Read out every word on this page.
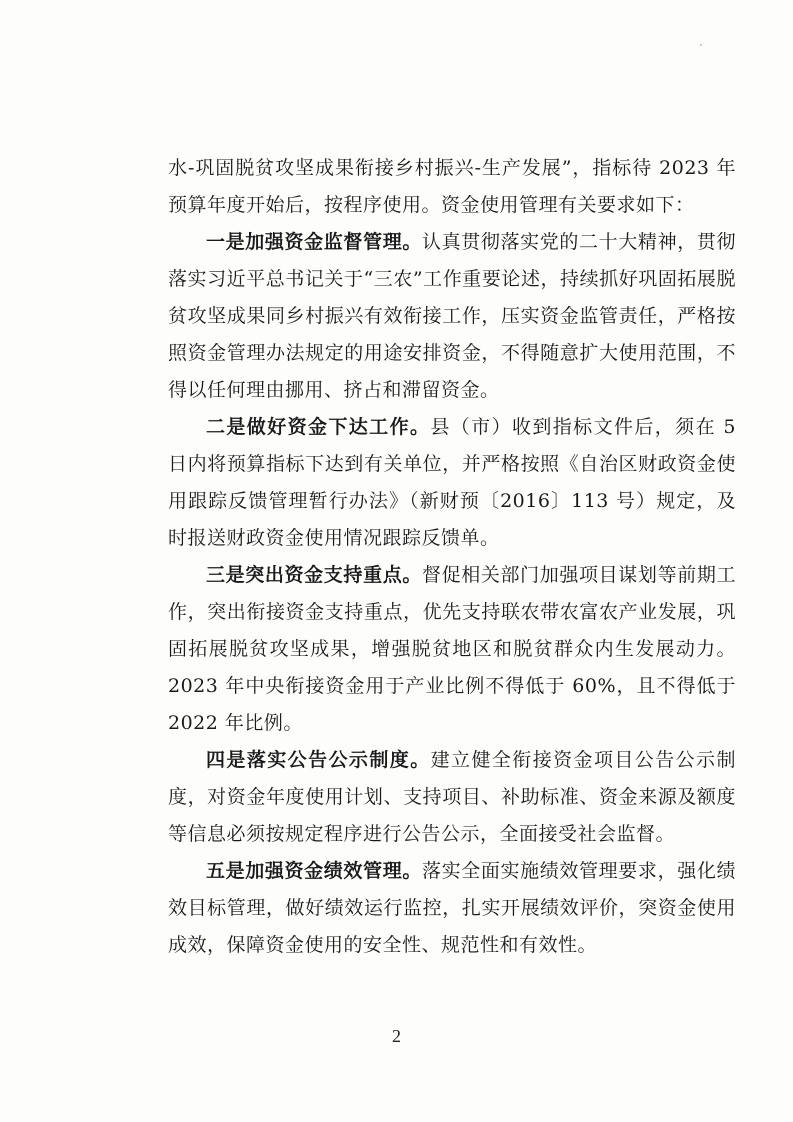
水-巩固脱贫攻坚成果衔接乡村振兴-生产发展”，指标待 2023 年预算年度开始后，按程序使用。资金使用管理有关要求如下：

一是加强资金监督管理。认真贯彻落实党的二十大精神，贯彻落实习近平总书记关于“三农”工作重要论述，持续抓好巩固拓展脱贫攻坚成果同乡村振兴有效衔接工作，压实资金监管责任，严格按照资金管理办法规定的用途安排资金，不得随意扩大使用范围，不得以任何理由挪用、挤占和滞留资金。

二是做好资金下达工作。县（市）收到指标文件后，须在 5 日内将预算指标下达到有关单位，并严格按照《自治区财政资金使用跟踪反馈管理暂行办法》（新财预〔2016〕113 号）规定，及时报送财政资金使用情况跟踪反馈单。

三是突出资金支持重点。督促相关部门加强项目谋划等前期工作，突出衔接资金支持重点，优先支持联农带农富农产业发展，巩固拓展脱贫攻坚成果，增强脱贫地区和脱贫群众内生发展动力。2023 年中央衔接资金用于产业比例不得低于 60%，且不得低于 2022 年比例。

四是落实公告公示制度。建立健全衔接资金项目公告公示制度，对资金年度使用计划、支持项目、补助标准、资金来源及额度等信息必须按规定程序进行公告公示，全面接受社会监督。

五是加强资金绩效管理。落实全面实施绩效管理要求，强化绩效目标管理，做好绩效运行监控，扎实开展绩效评价，突资金使用成效，保障资金使用的安全性、规范性和有效性。

2
